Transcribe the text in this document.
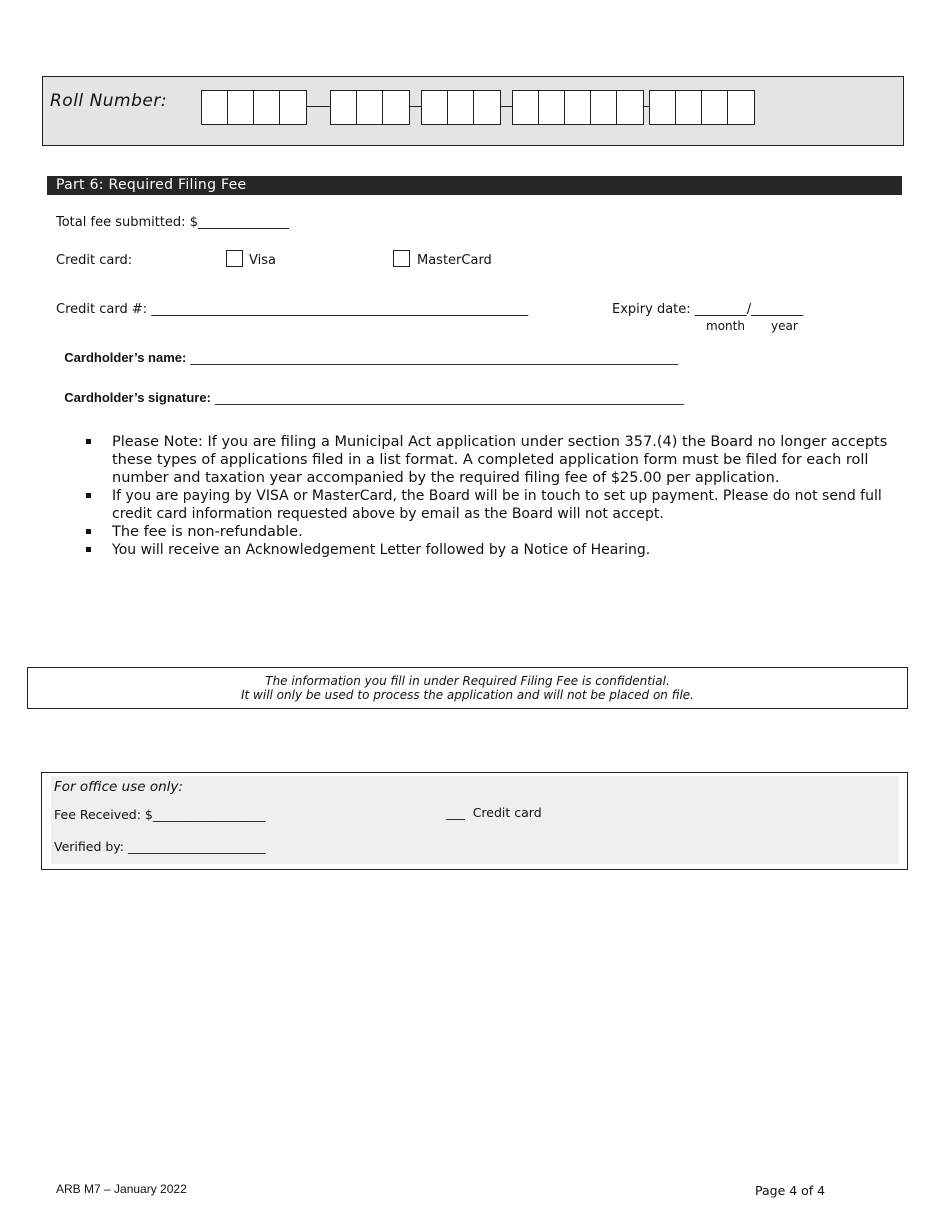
Roll Number:
Part 6: Required Filing Fee
Total fee submitted: $______________
Credit card:	Visa	MasterCard
Credit card #: __________________________________________________________	Expiry date: ________/________
month year

Cardholder’s name: ______________________________________________________________________________

Cardholder’s signature: ___________________________________________________________________________

Please Note: If you are filing a Municipal Act application under section 357.(4) the Board no longer accepts these types of applications filed in a list format. A completed application form must be filed for each roll number and taxation year accompanied by the required filing fee of $25.00 per application.
If you are paying by VISA or MasterCard, the Board will be in touch to set up payment. Please do not send full credit card information requested above by email as the Board will not accept.
The fee is non-refundable.
You will receive an Acknowledgement Letter followed by a Notice of Hearing.
The information you fill in under Required Filing Fee is confidential.
It will only be used to process the application and will not be placed on file.
For office use only:
Fee Received: $__________________	___  Credit card
Verified by: ______________________
ARB M7 – January 2022	Page 4 of 4
